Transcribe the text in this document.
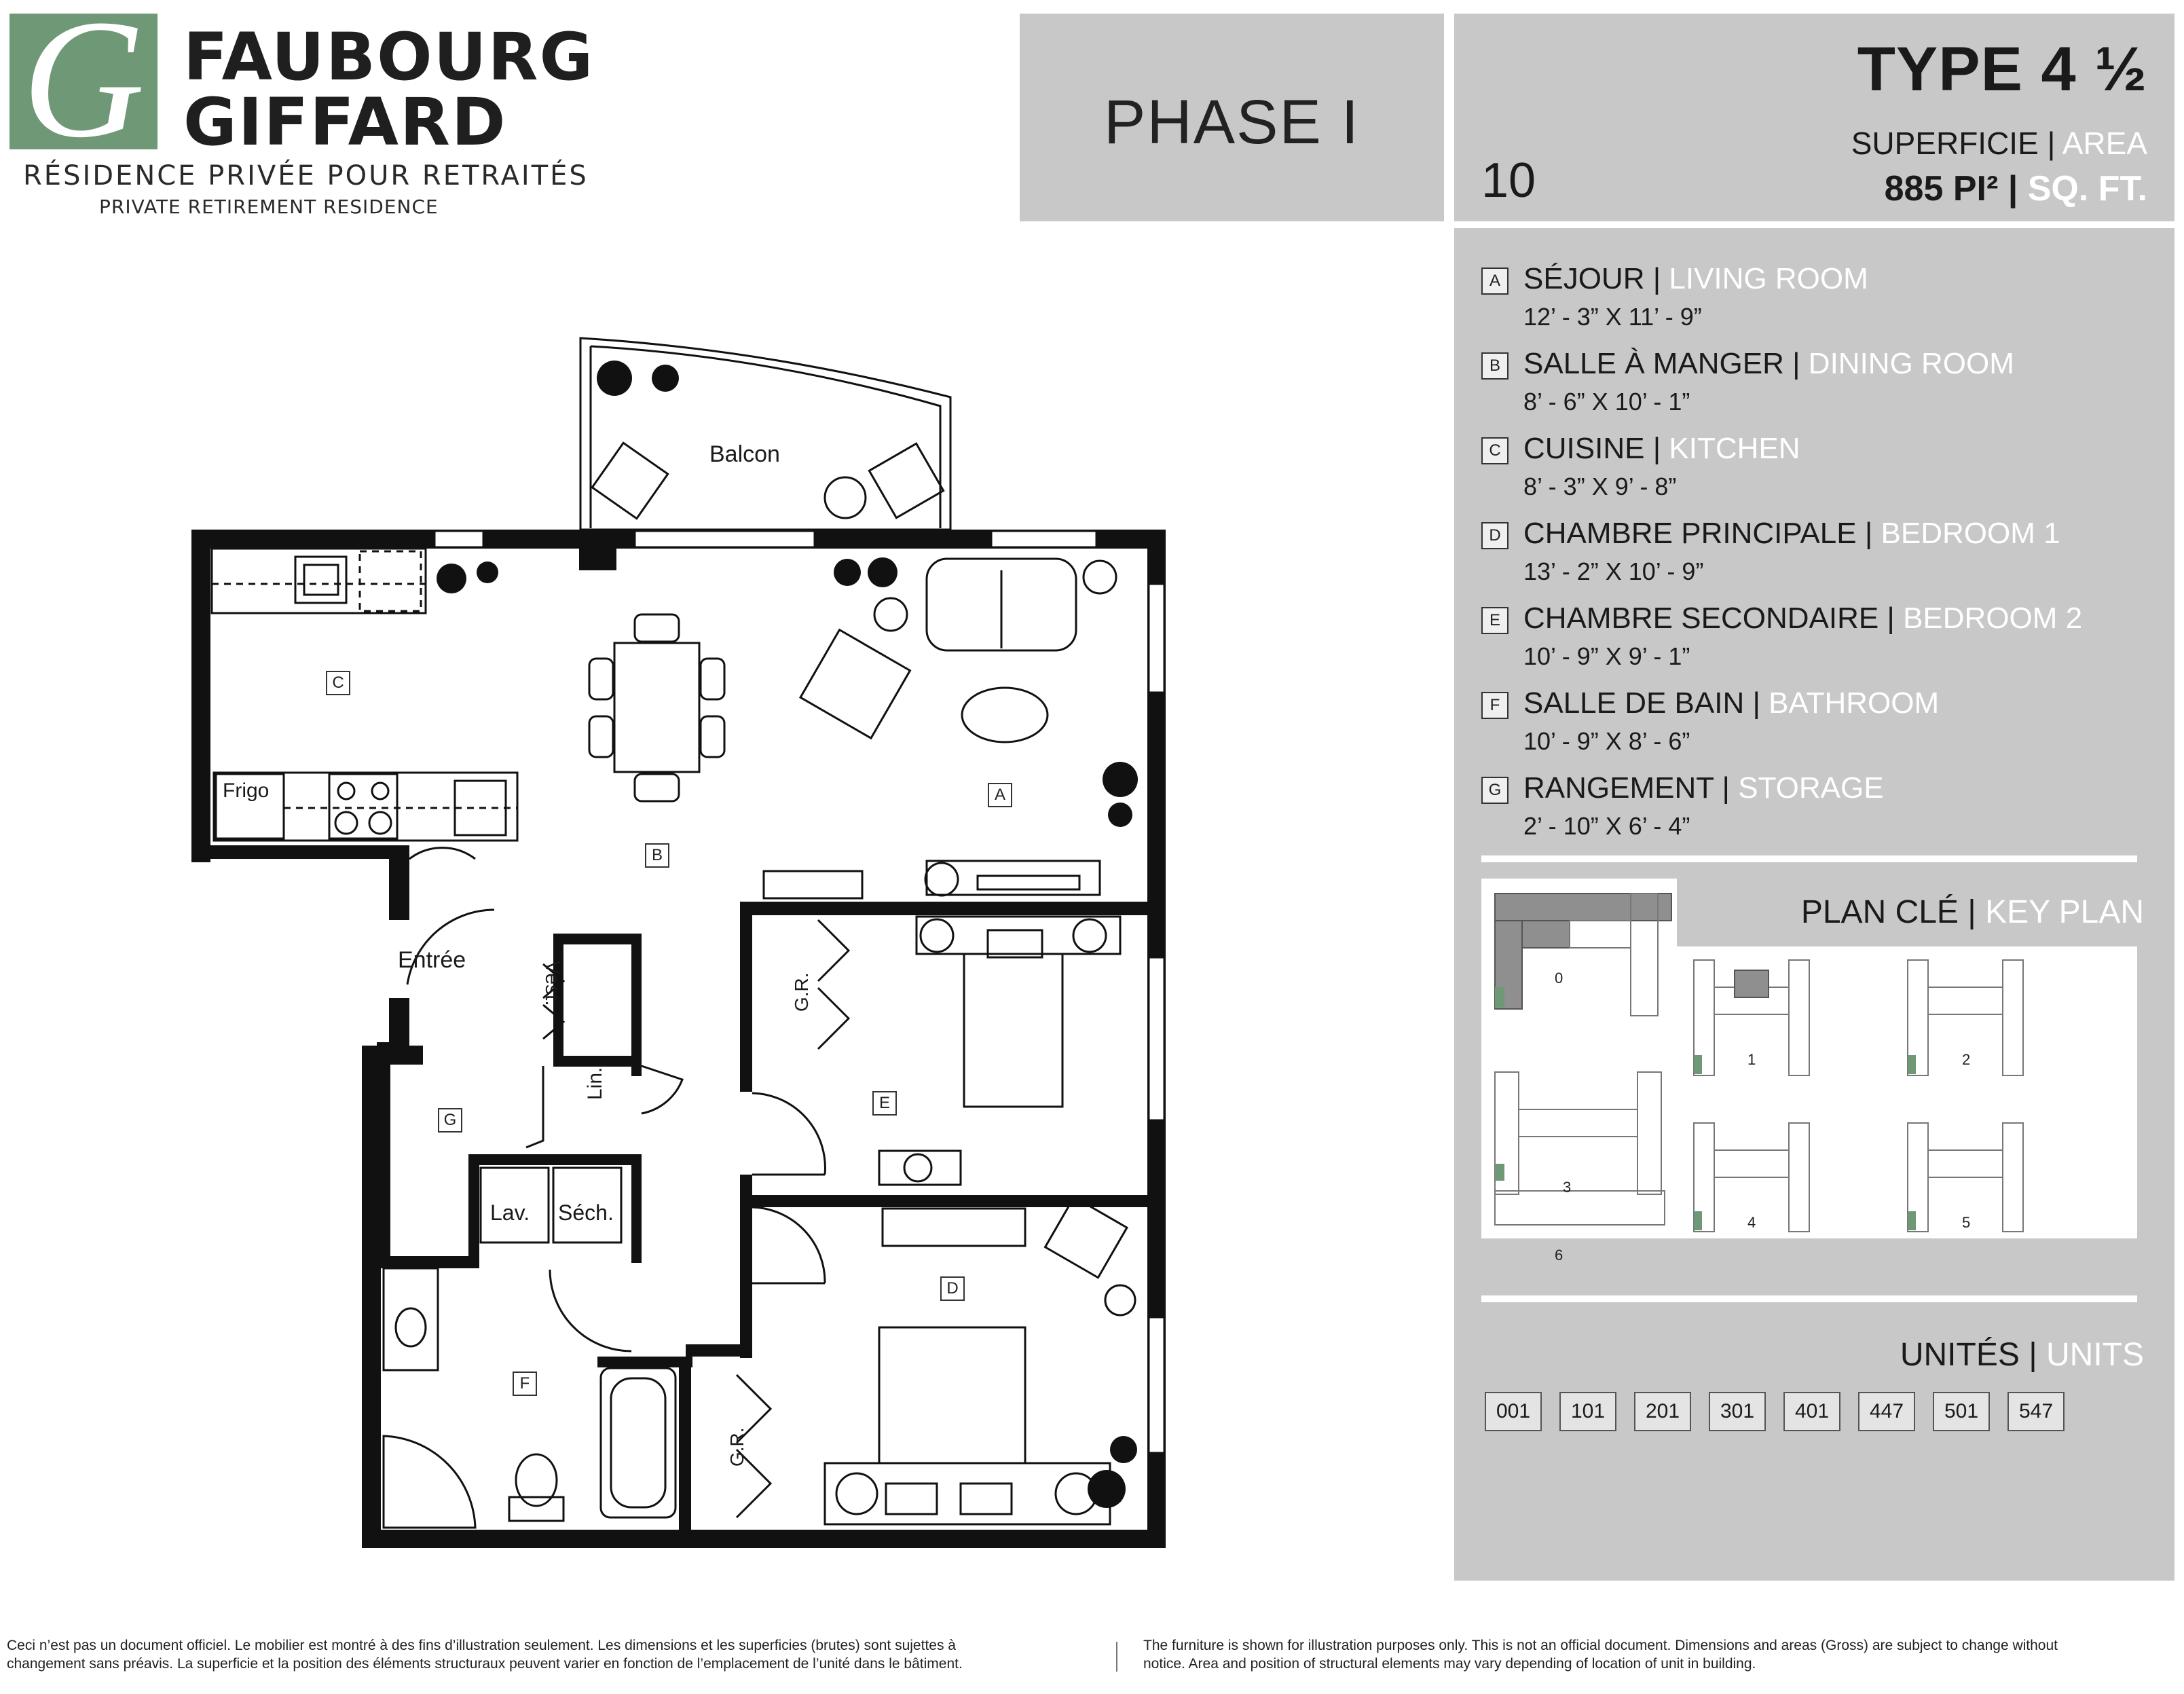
G FAUBOURG
GIFFARD
RÉSIDENCE PRIVÉE POUR RETRAITÉS
PRIVATE RETIREMENT RESIDENCE
PHASE I
TYPE 4 ½
10
SUPERFICIE | AREA
885 PI² | SQ. FT.
Balcon
Frigo
Entrée
Vest.
Lin.
Lav. Séch.
G.R.
G.R.
C
B
A
E
D
G
F
A SÉJOUR | LIVING ROOM
12’ - 3” X 11’ - 9”
B SALLE À MANGER | DINING ROOM
8’ - 6” X 10’ - 1”
C CUISINE | KITCHEN
8’ - 3” X 9’ - 8”
D CHAMBRE PRINCIPALE | BEDROOM 1
13’ - 2” X 10’ - 9”
E CHAMBRE SECONDAIRE | BEDROOM 2
10’ - 9” X 9’ - 1”
F SALLE DE BAIN | BATHROOM
10’ - 9” X 8’ - 6”
G RANGEMENT | STORAGE
2’ - 10” X 6’ - 4”
0
3
6
1	2
4	5
PLAN CLÉ | KEY PLAN
UNITÉS | UNITS
001	101	201	301	401	447	501	547
Ceci n’est pas un document officiel. Le mobilier est montré à des fins d’illustration seulement. Les dimensions et les superficies (brutes) sont sujettes à
changement sans préavis. La superficie et la position des éléments structuraux peuvent varier en fonction de l’emplacement de l’unité dans le bâtiment.
The furniture is shown for illustration purposes only. This is not an official document. Dimensions and areas (Gross) are subject to change without
notice. Area and position of structural elements may vary depending of location of unit in building.
